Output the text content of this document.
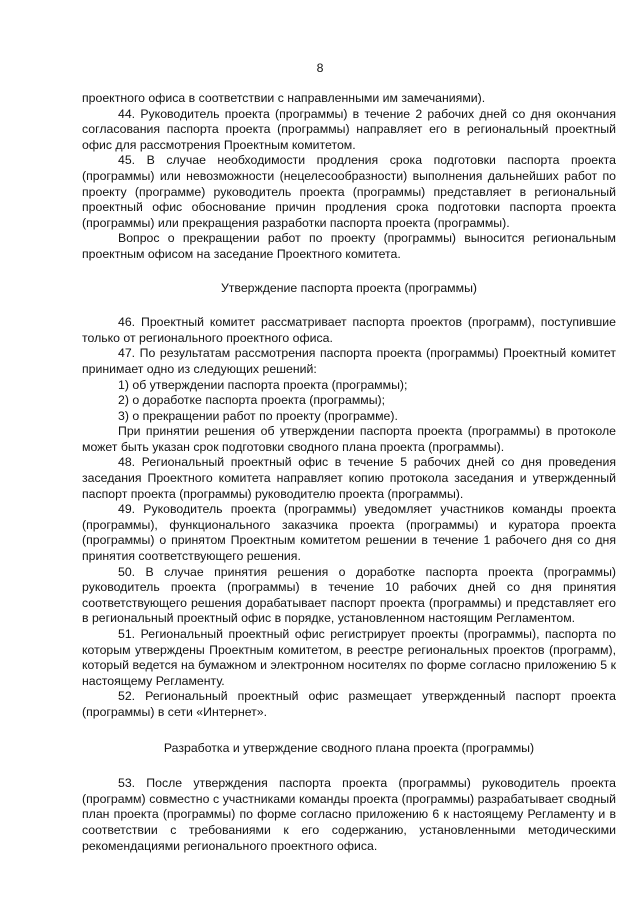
8

проектного офиса в соответствии с направленными им замечаниями).

44. Руководитель проекта (программы) в течение 2 рабочих дней со дня окончания согласования паспорта проекта (программы) направляет его в региональный проектный офис для рассмотрения Проектным комитетом.

45. В случае необходимости продления срока подготовки паспорта проекта (программы) или невозможности (нецелесообразности) выполнения дальнейших работ по проекту (программе) руководитель проекта (программы) представляет в региональный проектный офис обоснование причин продления срока подготовки паспорта проекта (программы) или прекращения разработки паспорта проекта (программы).

Вопрос о прекращении работ по проекту (программы) выносится региональным проектным офисом на заседание Проектного комитета.

Утверждение паспорта проекта (программы)

46. Проектный комитет рассматривает паспорта проектов (программ), поступившие только от регионального проектного офиса.

47. По результатам рассмотрения паспорта проекта (программы) Проектный комитет принимает одно из следующих решений:

1) об утверждении паспорта проекта (программы);

2) о доработке паспорта проекта (программы);

3) о прекращении работ по проекту (программе).

При принятии решения об утверждении паспорта проекта (программы) в протоколе может быть указан срок подготовки сводного плана проекта (программы).

48. Региональный проектный офис в течение 5 рабочих дней со дня проведения заседания Проектного комитета направляет копию протокола заседания и утвержденный паспорт проекта (программы) руководителю проекта (программы).

49. Руководитель проекта (программы) уведомляет участников команды проекта (программы), функционального заказчика проекта (программы) и куратора проекта (программы) о принятом Проектным комитетом решении в течение 1 рабочего дня со дня принятия соответствующего решения.

50. В случае принятия решения о доработке паспорта проекта (программы) руководитель проекта (программы) в течение 10 рабочих дней со дня принятия соответствующего решения дорабатывает паспорт проекта (программы) и представляет его в региональный проектный офис в порядке, установленном настоящим Регламентом.

51. Региональный проектный офис регистрирует проекты (программы), паспорта по которым утверждены Проектным комитетом, в реестре региональных проектов (программ), который ведется на бумажном и электронном носителях по форме согласно приложению 5 к настоящему Регламенту.

52. Региональный проектный офис размещает утвержденный паспорт проекта (программы) в сети «Интернет».

Разработка и утверждение сводного плана проекта (программы)

53. После утверждения паспорта проекта (программы) руководитель проекта (программ) совместно с участниками команды проекта (программы) разрабатывает сводный план проекта (программы) по форме согласно приложению 6 к настоящему Регламенту и в соответствии с требованиями к его содержанию, установленными методическими рекомендациями регионального проектного офиса.
